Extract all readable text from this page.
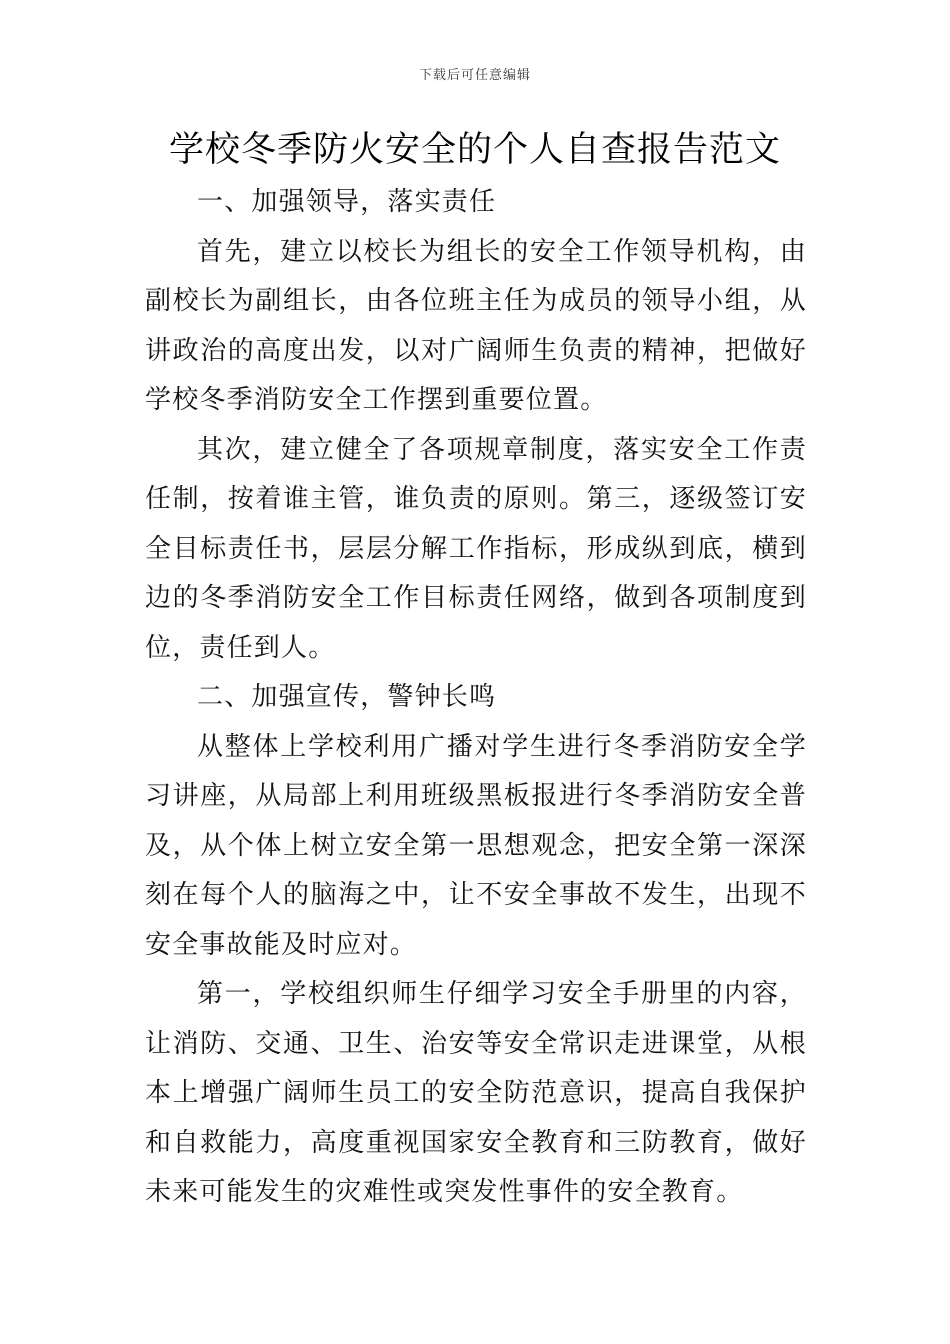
下载后可任意编辑
学校冬季防火安全的个人自查报告范文

一、加强领导，落实责任

首先，建立以校长为组长的安全工作领导机构，由副校长为副组长，由各位班主任为成员的领导小组，从讲政治的高度出发，以对广阔师生负责的精神，把做好学校冬季消防安全工作摆到重要位置。

其次，建立健全了各项规章制度，落实安全工作责任制，按着谁主管，谁负责的原则。第三，逐级签订安全目标责任书，层层分解工作指标，形成纵到底，横到边的冬季消防安全工作目标责任网络，做到各项制度到位，责任到人。

二、加强宣传，警钟长鸣

从整体上学校利用广播对学生进行冬季消防安全学习讲座，从局部上利用班级黑板报进行冬季消防安全普及，从个体上树立安全第一思想观念，把安全第一深深刻在每个人的脑海之中，让不安全事故不发生，出现不安全事故能及时应对。

第一，学校组织师生仔细学习安全手册里的内容，让消防、交通、卫生、治安等安全常识走进课堂，从根本上增强广阔师生员工的安全防范意识，提高自我保护和自救能力，高度重视国家安全教育和三防教育，做好未来可能发生的灾难性或突发性事件的安全教育。
